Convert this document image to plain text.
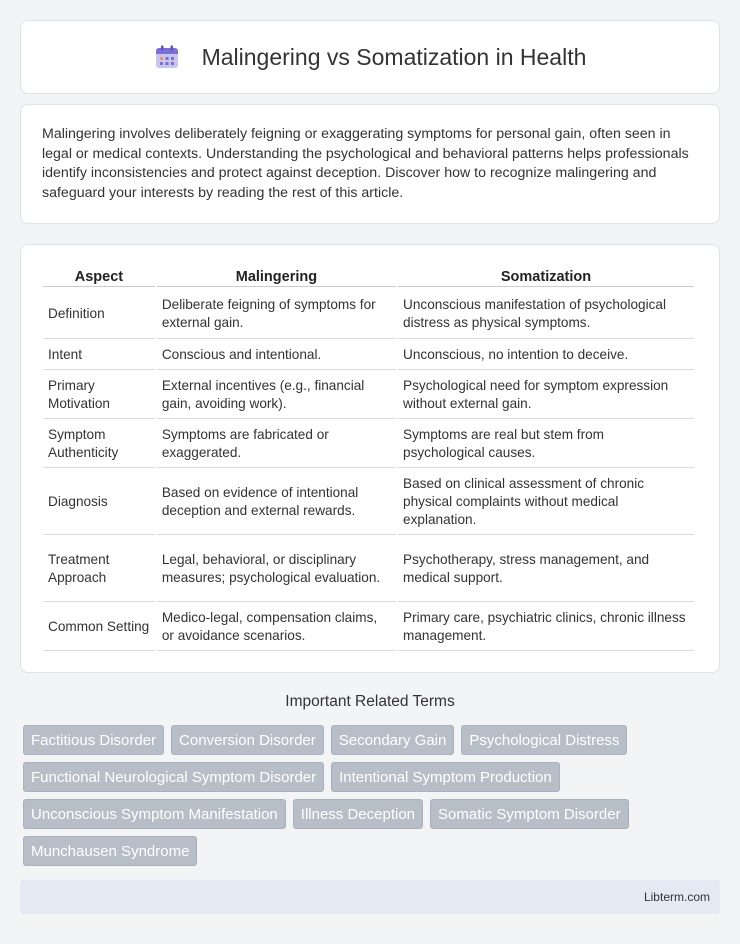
Malingering vs Somatization in Health

Malingering involves deliberately feigning or exaggerating symptoms for personal gain, often seen in legal or medical contexts. Understanding the psychological and behavioral patterns helps professionals identify inconsistencies and protect against deception. Discover how to recognize malingering and safeguard your interests by reading the rest of this article.

Aspect	Malingering	Somatization
Definition	Deliberate feigning of symptoms for external gain.	Unconscious manifestation of psychological distress as physical symptoms.
Intent	Conscious and intentional.	Unconscious, no intention to deceive.
Primary Motivation	External incentives (e.g., financial gain, avoiding work).	Psychological need for symptom expression without external gain.
Symptom Authenticity	Symptoms are fabricated or exaggerated.	Symptoms are real but stem from psychological causes.
Diagnosis	Based on evidence of intentional deception and external rewards.	Based on clinical assessment of chronic physical complaints without medical explanation.
Treatment Approach	Legal, behavioral, or disciplinary measures; psychological evaluation.	Psychotherapy, stress management, and medical support.
Common Setting	Medico-legal, compensation claims, or avoidance scenarios.	Primary care, psychiatric clinics, chronic illness management.
Important Related Terms
Factitious Disorder	Conversion Disorder	Secondary Gain	Psychological Distress
Functional Neurological Symptom Disorder	Intentional Symptom Production
Unconscious Symptom Manifestation	Illness Deception	Somatic Symptom Disorder
Munchausen Syndrome
Libterm.com
